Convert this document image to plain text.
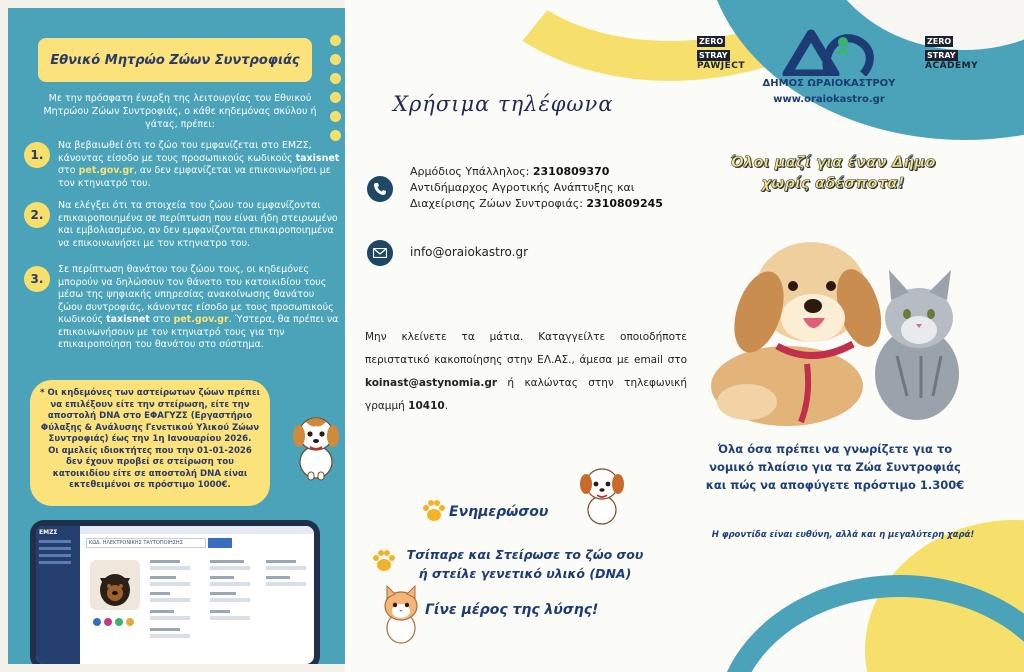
Εθνικό Μητρώο Ζώων Συντροφιάς
Με την πρόσφατη έναρξη της λειτουργίας του Εθνικού Μητρώου Ζώων Συντροφιάς, ο κάθε κηδεμόνας σκύλου ή γάτας, πρέπει:
1.
Να βεβαιωθεί ότι το ζώο του εμφανίζεται στο ΕΜΖΣ, κάνοντας είσοδο με τους προσωπικούς κωδικούς taxisnet στο pet.gov.gr, αν δεν εμφανίζεται να επικοινωνήσει με τον κτηνιατρό του.
2.
Να ελέγξει ότι τα στοιχεία του ζώου του εμφανίζονται επικαιροποιημένα σε περίπτωση που είναι ήδη στειρωμένο και εμβολιασμένο, αν δεν εμφανίζονται επικαιροποιημένα να επικοινωνήσει με τον κτηνιατρο του.
3.
Σε περίπτωση θανάτου του ζώου τους, οι κηδεμόνες μπορούν να δηλώσουν τον θάνατο του κατοικιδίου τους μέσω της ψηφιακής υπηρεσίας ανακοίνωσης θανάτου ζώου συντροφιάς, κάνοντας είσοδο με τους προσωπικούς κωδικούς taxisnet στο pet.gov.gr. Ύστερα, θα πρέπει να επικοινωνήσουν με τον κτηνιατρό τους για την επικαιροποίηση του θανάτου στο σύστημα.
* Οι κηδεμόνες των αστείρωτων ζώων πρέπει να επιλέξουν είτε την στείρωση, είτε την αποστολή DNA στο ΕΦΑΓΥΖΣ (Εργαστήριο Φύλαξης & Ανάλυσης Γενετικού Υλικού Ζώων Συντροφιάς) έως την 1η Ιανουαρίου 2026.
Οι αμελείς ιδιοκτήτες που την 01-01-2026 δεν έχουν προβεί σε στείρωση του κατοικιδίου είτε σε αποστολή DNA είναι εκτεθειμένοι σε πρόστιμο 1000€.
ΕΜΖΣ
ΚΩΔ. ΗΛΕΚΤΡΟΝΙΚΗΣ ΤΑΥΤΟΠΟΙΗΣΗΣ
ZERO
STRAY
PAWJECT
ZERO
STRAY
ACADEMY
ΔΗΜΟΣ ΩΡΑΙΟΚΑΣΤΡΟΥ
www.oraiokastro.gr
Χρήσιμα τηλέφωνα
Αρμόδιος Υπάλληλος: 2310809370
Αντιδήμαρχος Αγροτικής Ανάπτυξης και
Διαχείρισης Ζώων Συντροφιάς: 2310809245
info@oraiokastro.gr
Μην κλείνετε τα μάτια. Καταγγείλτε οποιοδήποτε περιστατικό κακοποίησης στην ΕΛ.ΑΣ., άμεσα με email στο koinast@astynomia.gr ή καλώντας στην τηλεφωνική γραμμή 10410.
Όλοι μαζί για έναν Δήμο
χωρίς αδέσποτα!
Όλα όσα πρέπει να γνωρίζετε για το
νομικό πλαίσιο για τα Ζώα Συντροφιάς
και πώς να αποφύγετε πρόστιμο 1.300€
Η φροντίδα είναι ευθύνη, αλλά και η μεγαλύτερη χαρά!
Ενημερώσου
Τσίπαρε και Στείρωσε το ζώο σου
ή στείλε γενετικό υλικό (DNA)
Γίνε μέρος της λύσης!
